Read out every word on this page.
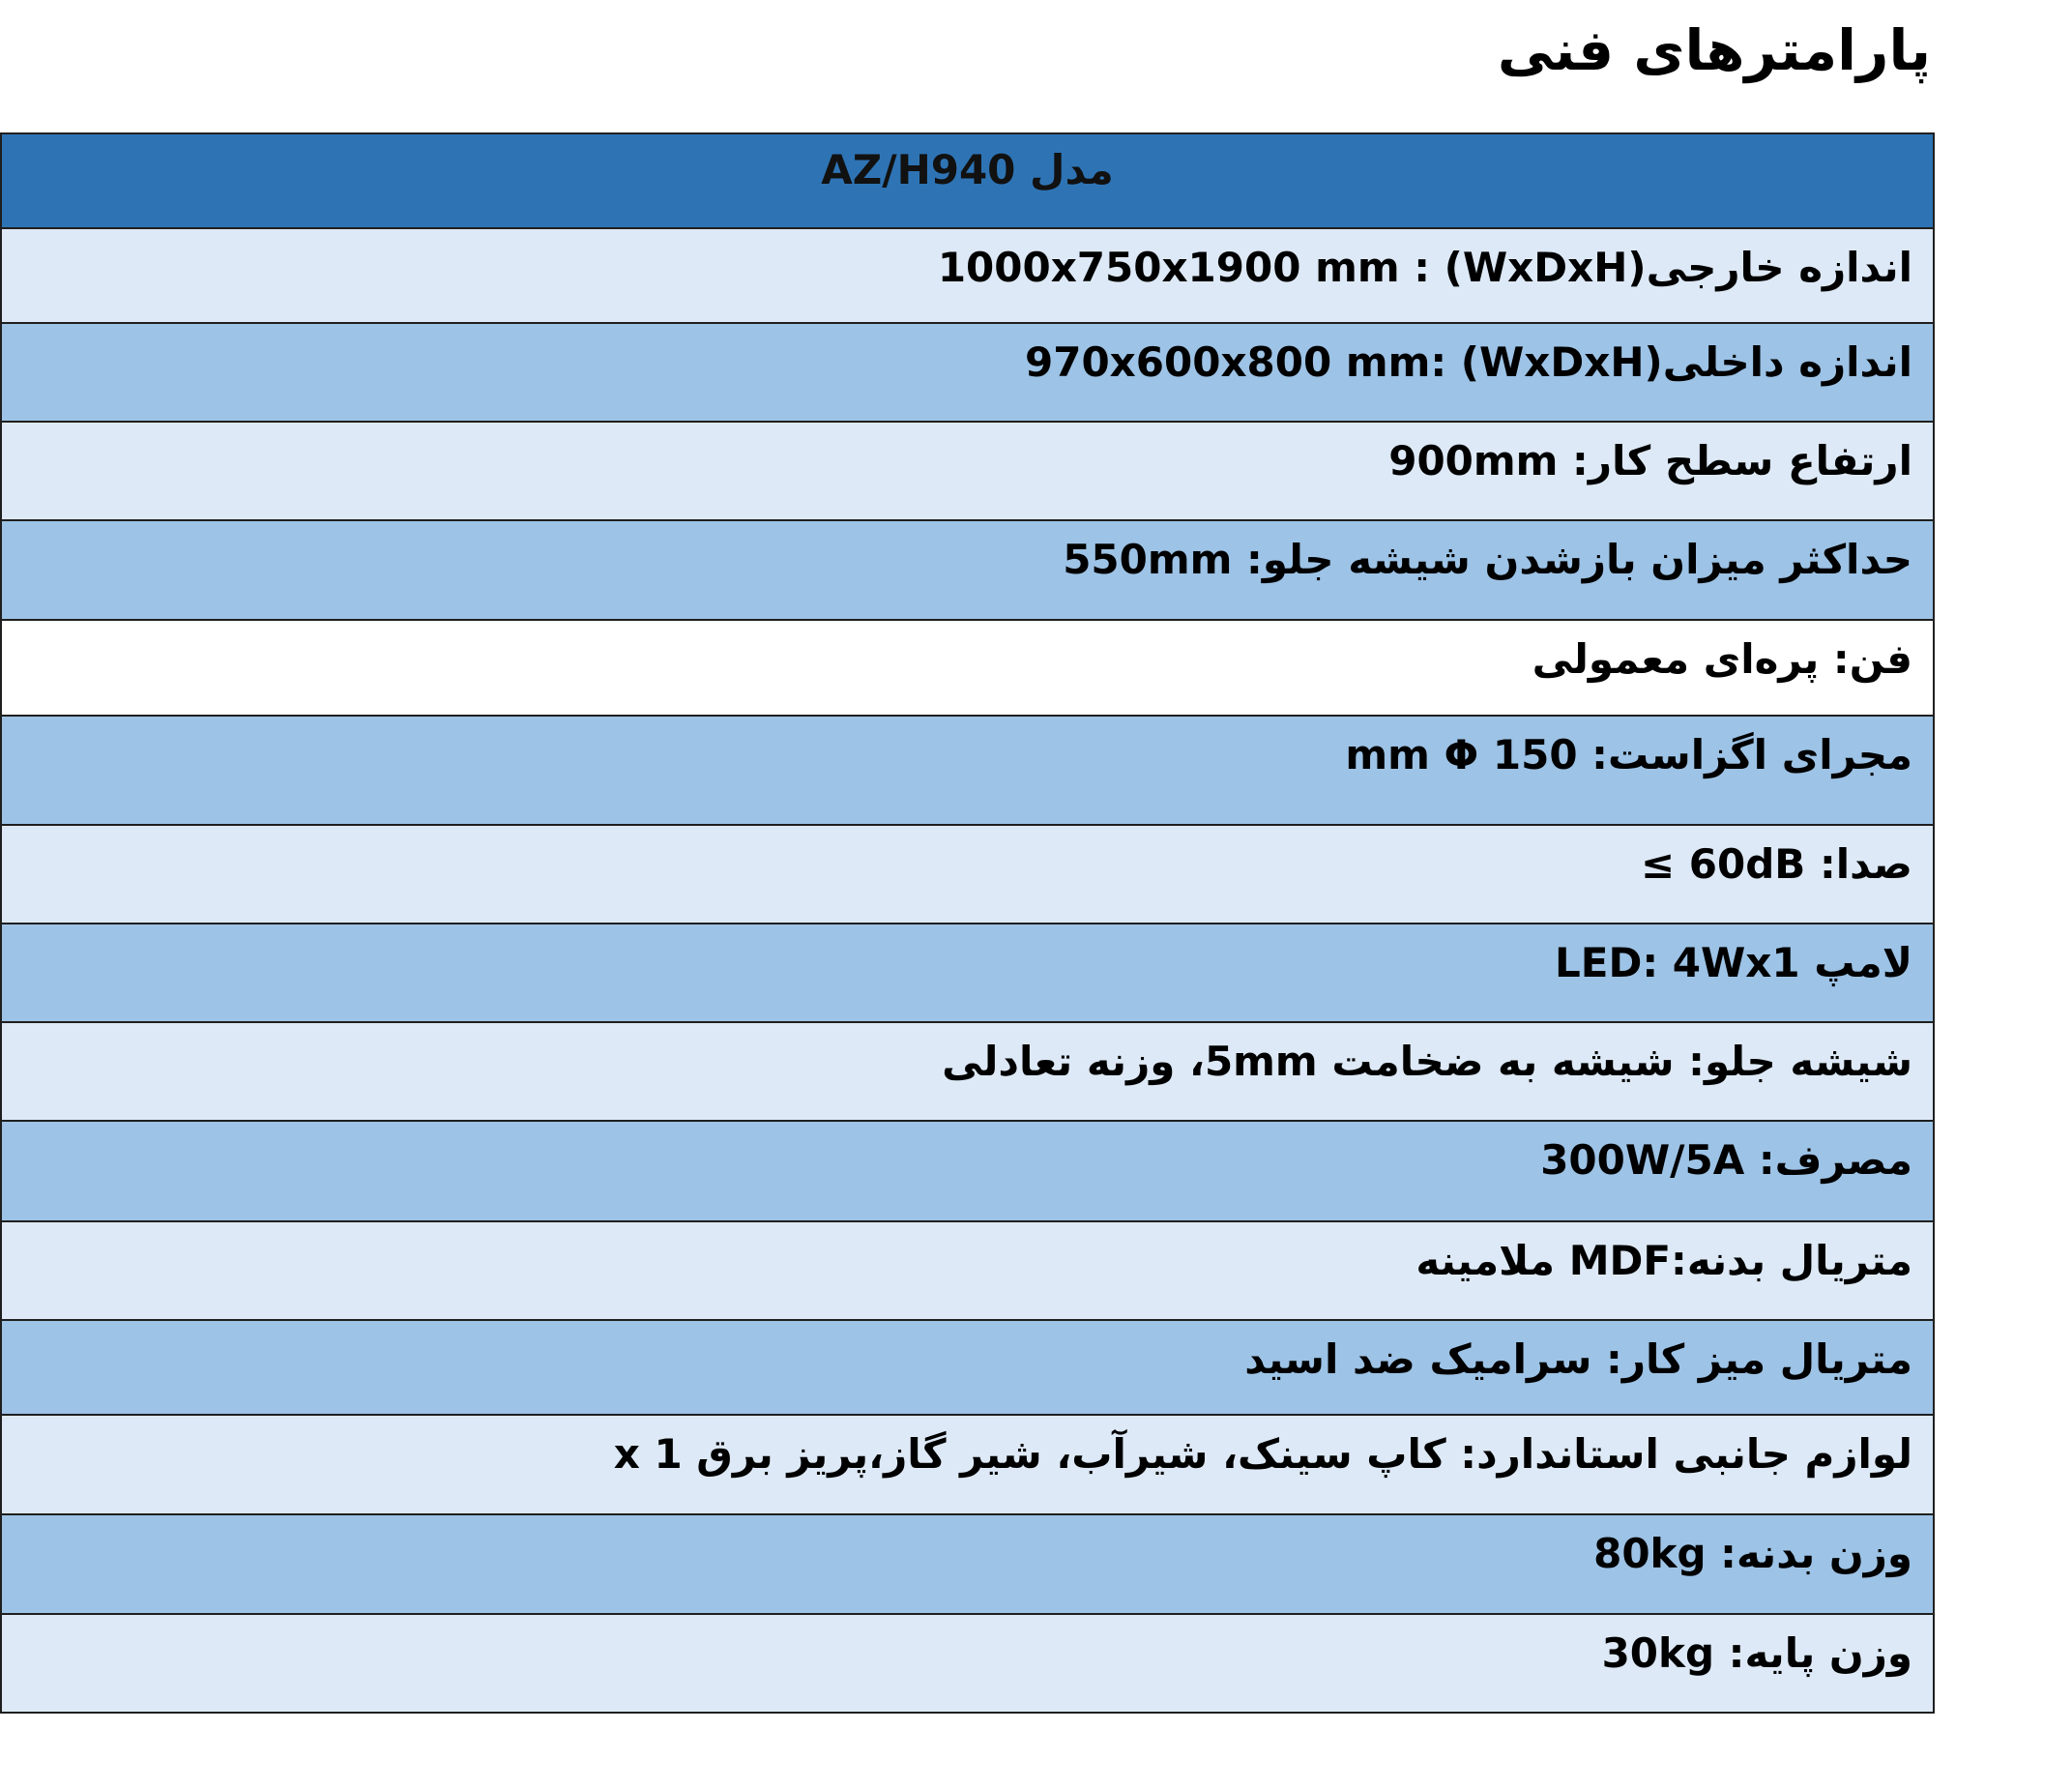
پارامترهای فنی
مدل AZ/H940
اندازه خارجی(WxDxH) : 1000x750x1900 mm
اندازه داخلی(WxDxH) :970x600x800 mm
ارتفاع سطح کار: 900mm
حداکثر میزان بازشدن شیشه جلو: 550mm
فن: پره‌ای معمولی
مجرای اگزاست: 150 mm Φ
صدا: 60dB ≥
لامپ LED: 4Wx1
شیشه جلو: شیشه به ضخامت 5mm، وزنه تعادلی
مصرف: 300W/5A
متریال بدنه:MDF ملامینه
متریال میز کار: سرامیک ضد اسید
لوازم جانبی استاندارد: کاپ سینک، شیرآب، شیر گاز،پریز برق x 1
وزن بدنه: 80kg
وزن پایه: 30kg
